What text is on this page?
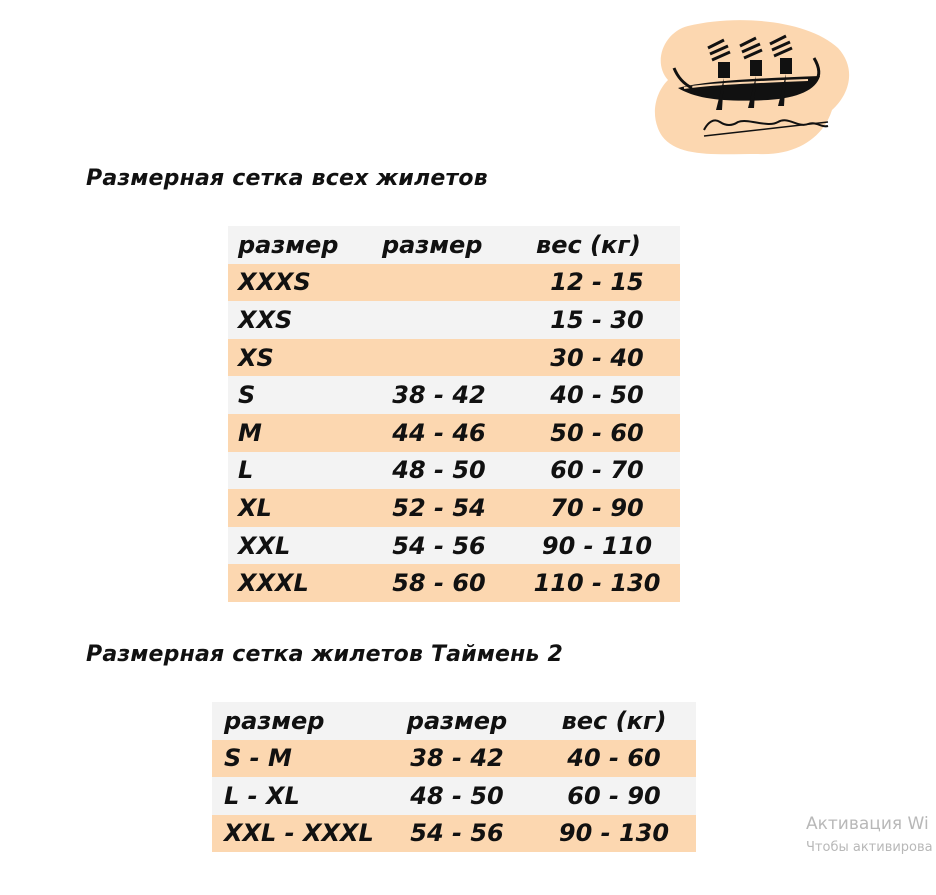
Размерная сетка всех жилетов
размер	размер	вес (кг)
XXXS		12 - 15
XXS		15 - 30
XS		30 - 40
S	38 - 42	40 - 50
M	44 - 46	50 - 60
L	48 - 50	60 - 70
XL	52 - 54	70 - 90
XXL	54 - 56	90 - 110
XXXL	58 - 60	110 - 130
Размерная сетка жилетов Таймень 2
размер	размер	вес (кг)
S - M	38 - 42	40 - 60
L - XL	48 - 50	60 - 90
XXL - XXXL	54 - 56	90 - 130	Активация Wi
Чтобы активирова
